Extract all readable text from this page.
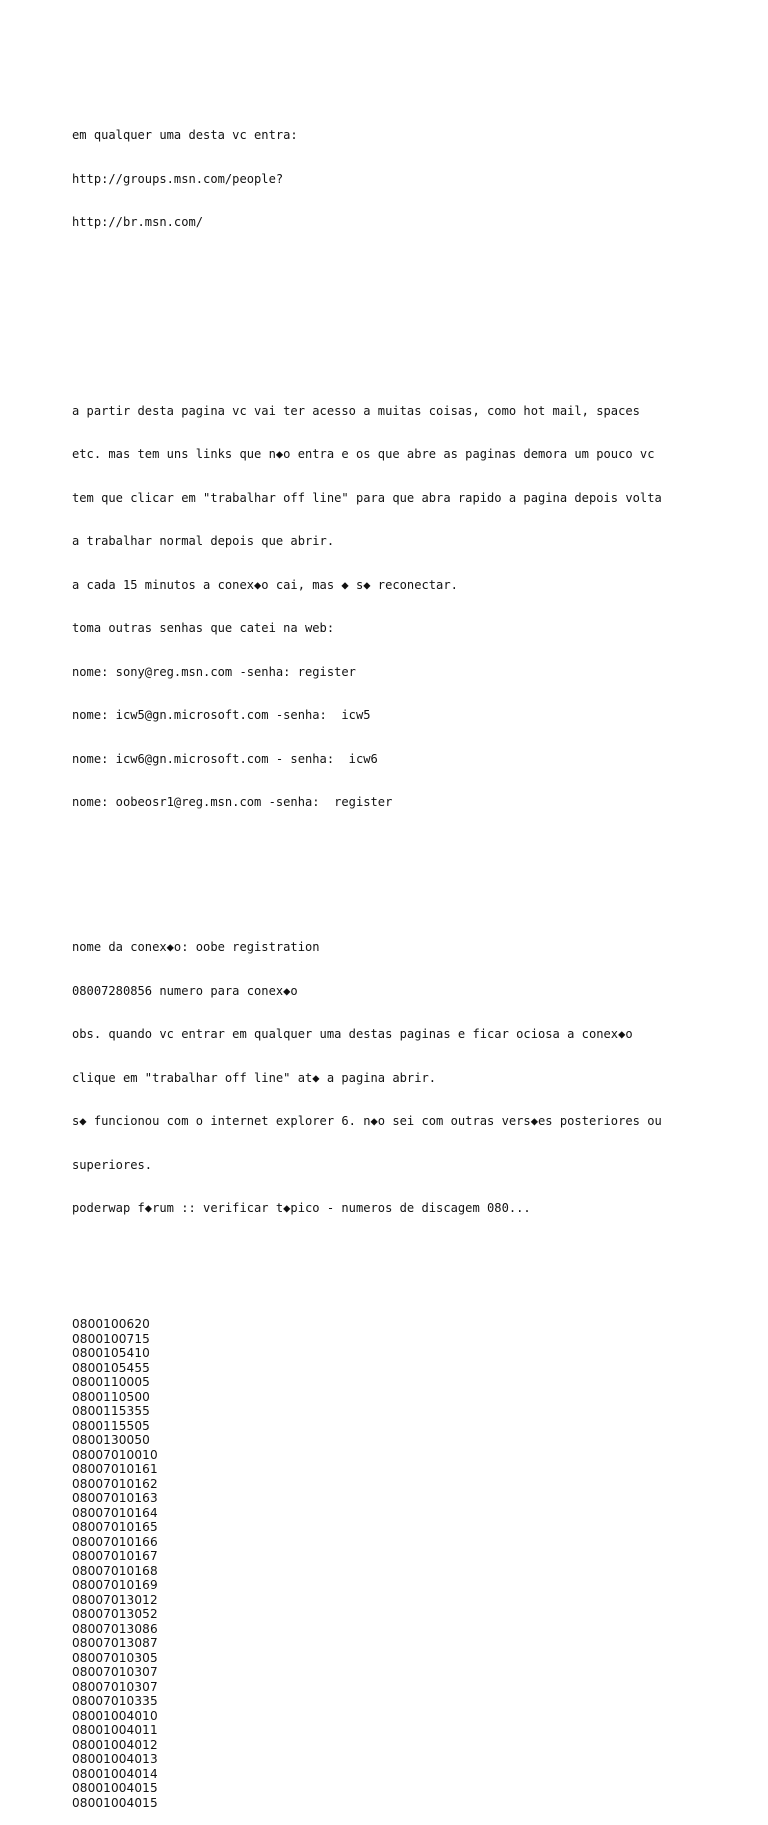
em qualquer uma desta vc entra:

http://groups.msn.com/people?

http://br.msn.com/

a partir desta pagina vc vai ter acesso a muitas coisas, como hot mail, spaces

etc. mas tem uns links que n◆o entra e os que abre as paginas demora um pouco vc

tem que clicar em "trabalhar off line" para que abra rapido a pagina depois volta

a trabalhar normal depois que abrir.

a cada 15 minutos a conex◆o cai, mas ◆ s◆ reconectar.

toma outras senhas que catei na web:

nome: sony@reg.msn.com -senha: register

nome: icw5@gn.microsoft.com -senha:  icw5

nome: icw6@gn.microsoft.com - senha:  icw6

nome: oobeosr1@reg.msn.com -senha:  register

nome da conex◆o: oobe registration

08007280856 numero para conex◆o

obs. quando vc entrar em qualquer uma destas paginas e ficar ociosa a conex◆o

clique em "trabalhar off line" at◆ a pagina abrir.

s◆ funcionou com o internet explorer 6. n◆o sei com outras vers◆es posteriores ou

superiores.

poderwap f◆rum :: verificar t◆pico - numeros de discagem 080...

0800100620
0800100715
0800105410
0800105455
0800110005
0800110500
0800115355
0800115505
0800130050
08007010010
08007010161
08007010162
08007010163
08007010164
08007010165
08007010166
08007010167
08007010168
08007010169
08007013012
08007013052
08007013086
08007013087
08007010305
08007010307
08007010307
08007010335
08001004010
08001004011
08001004012
08001004013
08001004014
08001004015
08001004015
